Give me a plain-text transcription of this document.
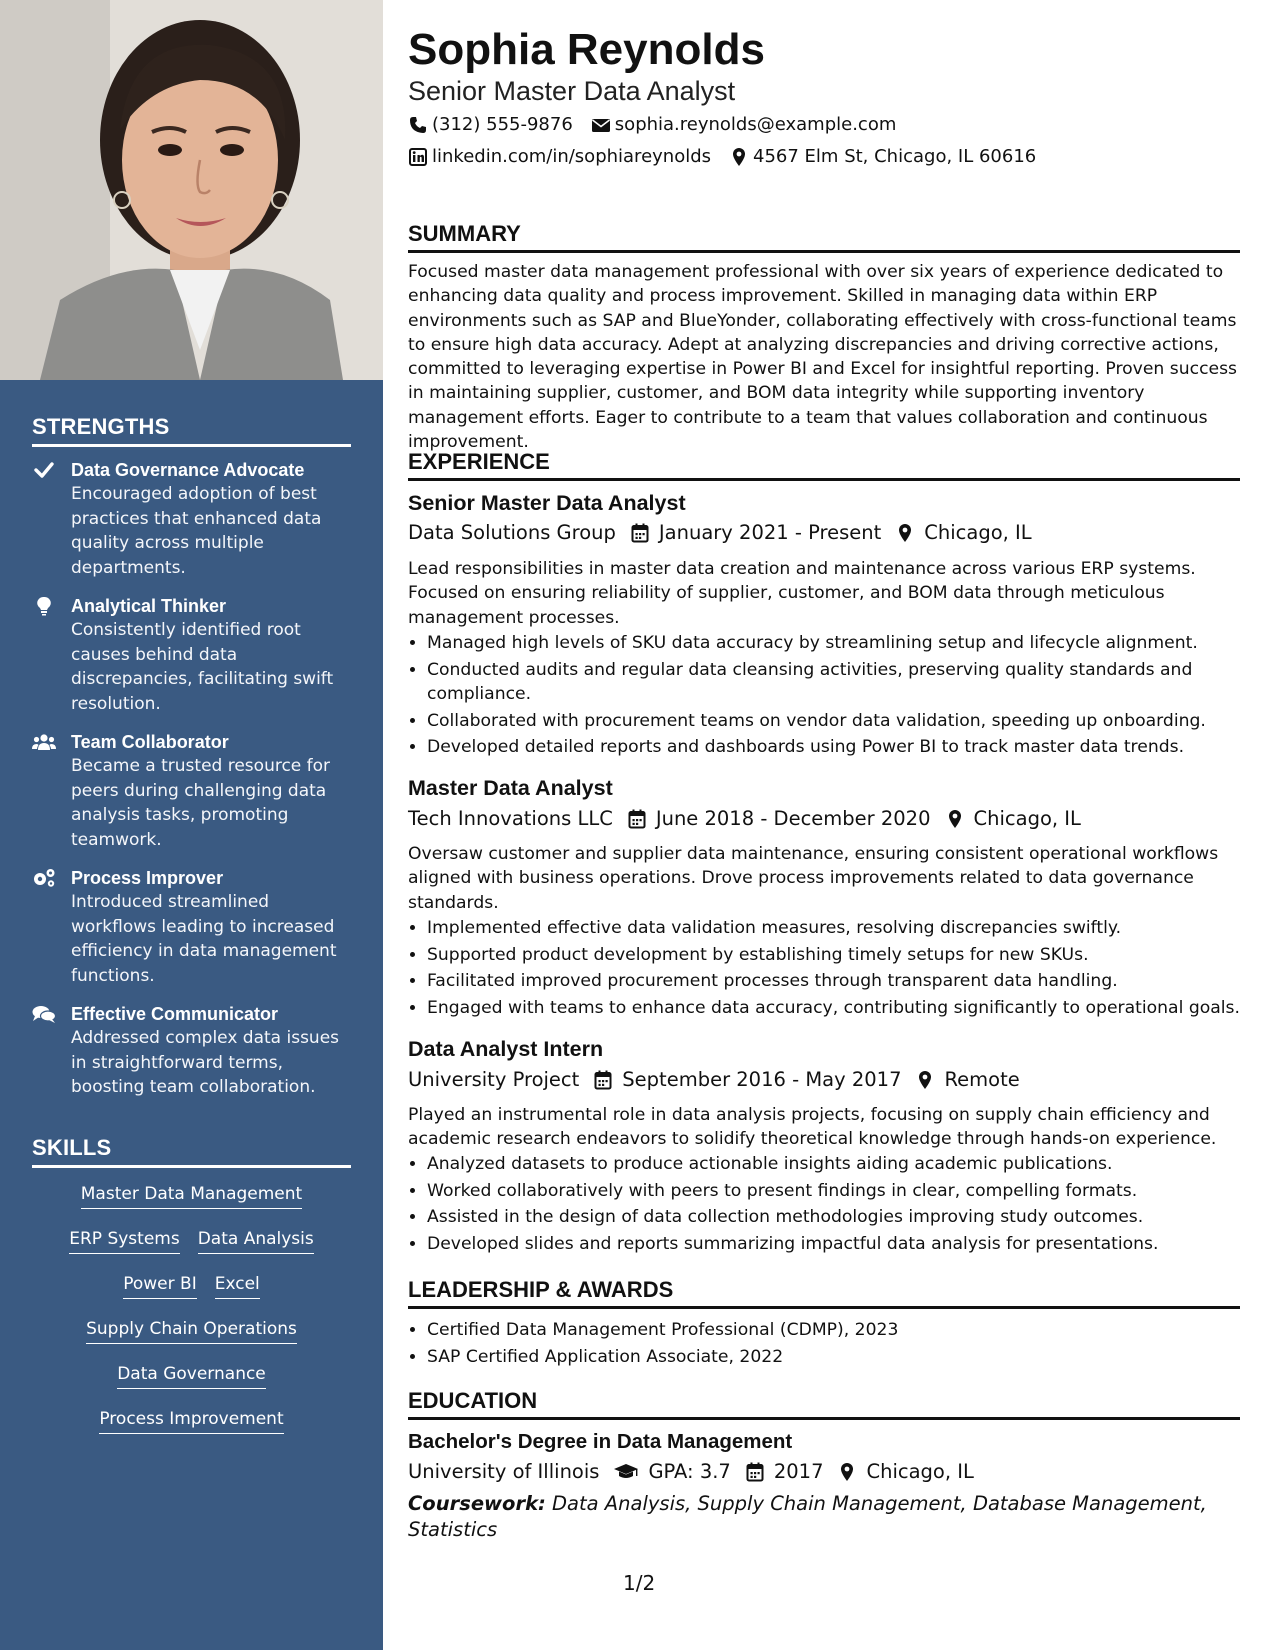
STRENGTHS
Data Governance Advocate
Encouraged adoption of best practices that enhanced data quality across multiple departments.
Analytical Thinker
Consistently identified root causes behind data discrepancies, facilitating swift resolution.
Team Collaborator
Became a trusted resource for peers during challenging data analysis tasks, promoting teamwork.
Process Improver
Introduced streamlined workflows leading to increased efficiency in data management functions.
Effective Communicator
Addressed complex data issues in straightforward terms, boosting team collaboration.
SKILLS
Master Data Management
ERP Systems Data Analysis
Power BI Excel
Supply Chain Operations
Data Governance
Process Improvement
Sophia Reynolds
Senior Master Data Analyst
(312) 555-9876 sophia.reynolds@example.com
linkedin.com/in/sophiareynolds 4567 Elm St, Chicago, IL 60616
SUMMARY
Focused master data management professional with over six years of experience dedicated to enhancing data quality and process improvement. Skilled in managing data within ERP environments such as SAP and BlueYonder, collaborating effectively with cross-functional teams to ensure high data accuracy. Adept at analyzing discrepancies and driving corrective actions, committed to leveraging expertise in Power BI and Excel for insightful reporting. Proven success in maintaining supplier, customer, and BOM data integrity while supporting inventory management efforts. Eager to contribute to a team that values collaboration and continuous improvement.
EXPERIENCE
Senior Master Data Analyst
Data Solutions Group January 2021 - Present Chicago, IL
Lead responsibilities in master data creation and maintenance across various ERP systems. Focused on ensuring reliability of supplier, customer, and BOM data through meticulous management processes.
• Managed high levels of SKU data accuracy by streamlining setup and lifecycle alignment.
• Conducted audits and regular data cleansing activities, preserving quality standards and compliance.
• Collaborated with procurement teams on vendor data validation, speeding up onboarding.
• Developed detailed reports and dashboards using Power BI to track master data trends.
Master Data Analyst
Tech Innovations LLC June 2018 - December 2020 Chicago, IL
Oversaw customer and supplier data maintenance, ensuring consistent operational workflows aligned with business operations. Drove process improvements related to data governance standards.
• Implemented effective data validation measures, resolving discrepancies swiftly.
• Supported product development by establishing timely setups for new SKUs.
• Facilitated improved procurement processes through transparent data handling.
• Engaged with teams to enhance data accuracy, contributing significantly to operational goals.
Data Analyst Intern
University Project September 2016 - May 2017 Remote
Played an instrumental role in data analysis projects, focusing on supply chain efficiency and academic research endeavors to solidify theoretical knowledge through hands-on experience.
• Analyzed datasets to produce actionable insights aiding academic publications.
• Worked collaboratively with peers to present findings in clear, compelling formats.
• Assisted in the design of data collection methodologies improving study outcomes.
• Developed slides and reports summarizing impactful data analysis for presentations.
LEADERSHIP & AWARDS
• Certified Data Management Professional (CDMP), 2023
• SAP Certified Application Associate, 2022
EDUCATION
Bachelor's Degree in Data Management
University of Illinois	GPA: 3.7 2017 Chicago, IL
Coursework: Data Analysis, Supply Chain Management, Database Management, Statistics
1/2
